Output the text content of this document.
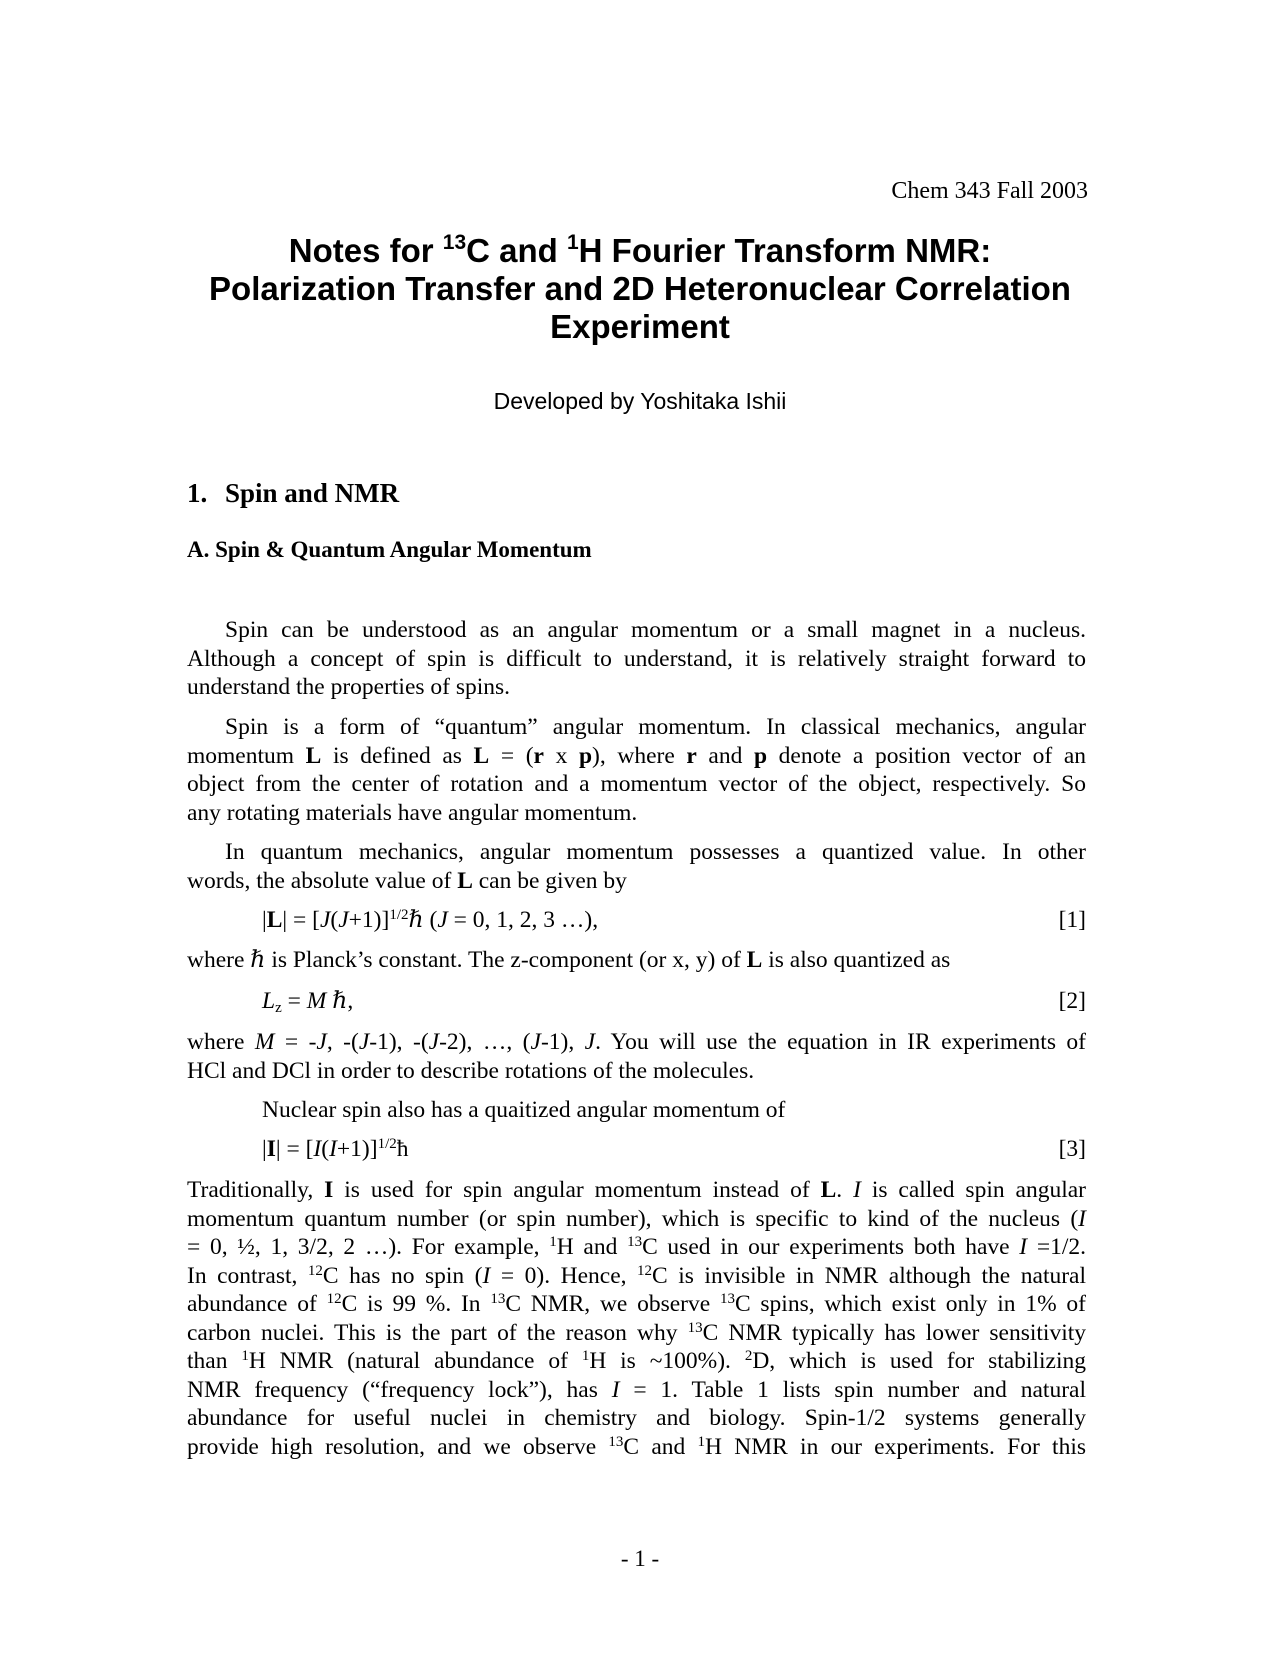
Chem 343 Fall 2003
Notes for $^{13}$C and $^1$H Fourier Transform NMR:
Polarization Transfer and 2D Heteronuclear Correlation
Experiment
Developed by Yoshitaka Ishii
1. Spin and NMR
A. Spin & Quantum Angular Momentum
Spin can be understood as an angular momentum or a small magnet in a nucleus.
Although a concept of spin is difficult to understand, it is relatively straight forward to
understand the properties of spins.
Spin is a form of “quantum” angular momentum. In classical mechanics, angular
momentum L is defined as L = (r x p), where r and p denote a position vector of an
object from the center of rotation and a momentum vector of the object, respectively. So
any rotating materials have angular momentum.
In quantum mechanics, angular momentum possesses a quantized value. In other
words, the absolute value of L can be given by
$|L| = [J(J+1)]^{1/2}\hbar$ (J = 0, 1, 2, 3 …),	[1]
where ℏ is Planck’s constant. The z-component (or x, y) of L is also quantized as
$L_z = M$ ℏ,	[2]
where M = -J, -(J-1), -(J-2), …, (J-1), J. You will use the equation in IR experiments of
HCl and DCl in order to describe rotations of the molecules.
Nuclear spin also has a quaitized angular momentum of
$|I| = [I(I+1)]^{1/2}ħ$	[3]
Traditionally, I is used for spin angular momentum instead of L. I is called spin angular
momentum quantum number (or spin number), which is specific to kind of the nucleus (I
= 0, ½, 1, 3/2, 2 …). For example, $^1$H and $^{13}$C used in our experiments both have I =1/2.
In contrast, $^{12}$C has no spin (I = 0). Hence, $^{12}$C is invisible in NMR although the natural
abundance of $^{12}$C is 99 %. In $^{13}$C NMR, we observe $^{13}$C spins, which exist only in 1% of
carbon nuclei. This is the part of the reason why $^{13}$C NMR typically has lower sensitivity
than $^1$H NMR (natural abundance of $^1$H is ~100%). $^2$D, which is used for stabilizing
NMR frequency (“frequency lock”), has I = 1. Table 1 lists spin number and natural
abundance for useful nuclei in chemistry and biology. Spin-1/2 systems generally
provide high resolution, and we observe $^{13}$C and $^1$H NMR in our experiments. For this
- 1 -
